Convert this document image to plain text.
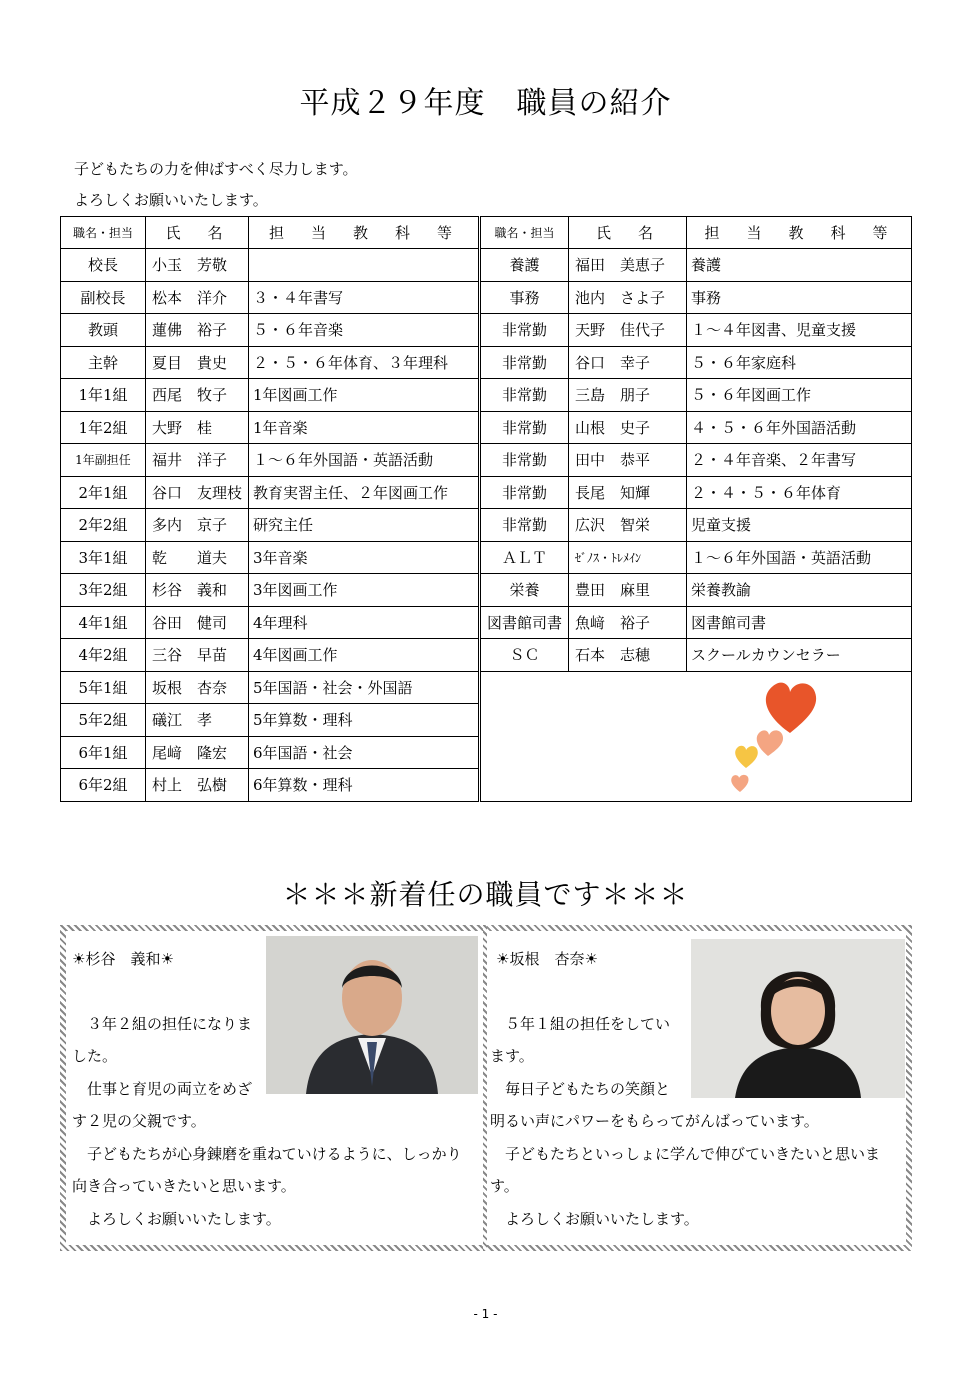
平成２９年度　職員の紹介
子どもたちの力を伸ばすべく尽力します。
よろしくお願いいたします。
職名・担当	氏　名	担　当　教　科　等	職名・担当	氏　名	担　当　教　科　等
校長	小玉　芳敬		養護	福田　美恵子	養護
副校長	松本　洋介	３・４年書写	事務	池内　さよ子	事務
教頭	蓮佛　裕子	５・６年音楽	非常勤	天野　佳代子	１～４年図書、児童支援
主幹	夏目　貴史	２・５・６年体育、３年理科	非常勤	谷口　幸子	５・６年家庭科
1年1組	西尾　牧子	1年図画工作	非常勤	三島　朋子	５・６年図画工作
1年2組	大野　桂	1年音楽	非常勤	山根　史子	４・５・６年外国語活動
1年副担任	福井　洋子	１～６年外国語・英語活動	非常勤	田中　恭平	２・４年音楽、２年書写
2年1組	谷口　友理枝	教育実習主任、２年図画工作	非常勤	長尾　知輝	２・４・５・６年体育
2年2組	多内　京子	研究主任	非常勤	広沢　智栄	児童支援
3年1組	乾　　道夫	3年音楽	ＡＬＴ	ｾﾞﾉｽ・ﾄﾚﾒｲﾝ	１～６年外国語・英語活動
3年2組	杉谷　義和	3年図画工作	栄養	豊田　麻里	栄養教諭
4年1組	谷田　健司	4年理科	図書館司書	魚﨑　裕子	図書館司書
4年2組	三谷　早苗	4年図画工作	ＳＣ	石本　志穂	スクールカウンセラー
5年1組	坂根　杏奈	5年国語・社会・外国語			
5年2組	礒江　孝	5年算数・理科			
6年1組	尾﨑　隆宏	6年国語・社会			
6年2組	村上　弘樹	6年算数・理科			
＊＊＊新着任の職員です＊＊＊
☀杉谷　義和☀
　３年２組の担任になりま
した。
　仕事と育児の両立をめざ
す２児の父親です。
　子どもたちが心身錬磨を重ねていけるように、しっかり
向き合っていきたいと思います。
　よろしくお願いいたします。
☀坂根　杏奈☀
　５年１組の担任をしてい
ます。
　毎日子どもたちの笑顔と
明るい声にパワーをもらってがんばっています。
　子どもたちといっしょに学んで伸びていきたいと思いま
す。
　よろしくお願いいたします。
- 1 -
